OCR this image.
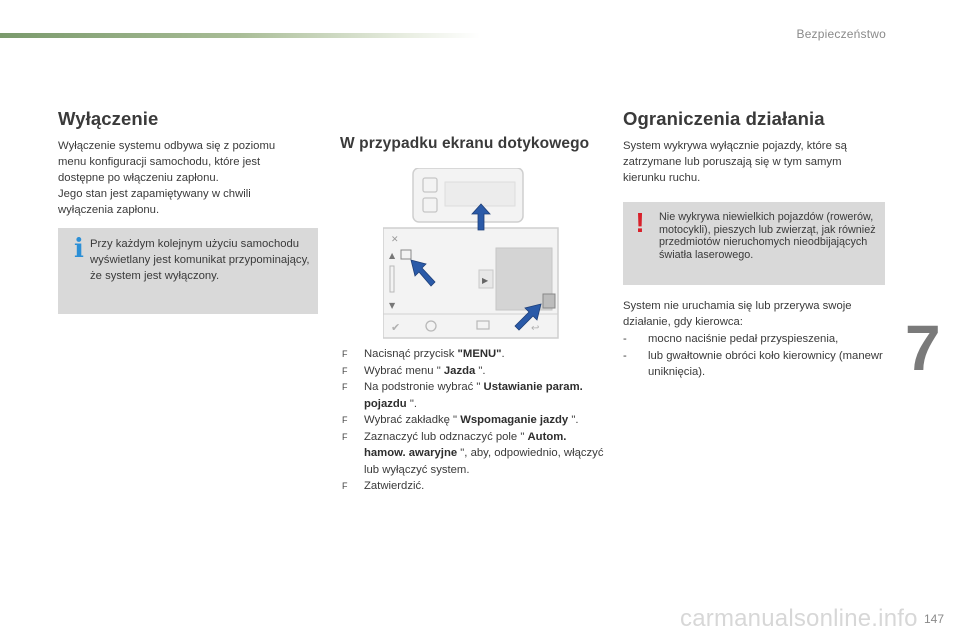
Bezpieczeństwo
Wyłączenie

Wyłączenie systemu odbywa się z poziomu menu konfiguracji samochodu, które jest dostępne po włączeniu zapłonu.
Jego stan jest zapamiętywany w chwili wyłączenia zapłonu.

i Przy każdym kolejnym użyciu samochodu wyświetlany jest komunikat przypominający, że system jest wyłączony.

W przypadku ekranu dotykowego
✕
▲
▼
▶
✔	↩
F Nacisnąć przycisk "MENU".
F Wybrać menu " Jazda ".
F Na podstronie wybrać " Ustawianie param. pojazdu ".
F Wybrać zakładkę " Wspomaganie jazdy ".
F Zaznaczyć lub odznaczyć pole " Autom. hamow. awaryjne ", aby, odpowiednio, włączyć lub wyłączyć system.
F Zatwierdzić.
Ograniczenia działania

System wykrywa wyłącznie pojazdy, które są zatrzymane lub poruszają się w tym samym kierunku ruchu.

!	Nie wykrywa niewielkich pojazdów (rowerów, motocykli), pieszych lub zwierząt, jak również przedmiotów nieruchomych nieodbijających światła laserowego.

System nie uruchamia się lub przerywa swoje działanie, gdy kierowca:

- mocno naciśnie pedał przyspieszenia,
- lub gwałtownie obróci koło kierownicy (manewr uniknięcia).	7
carmanualsonline.info 147
